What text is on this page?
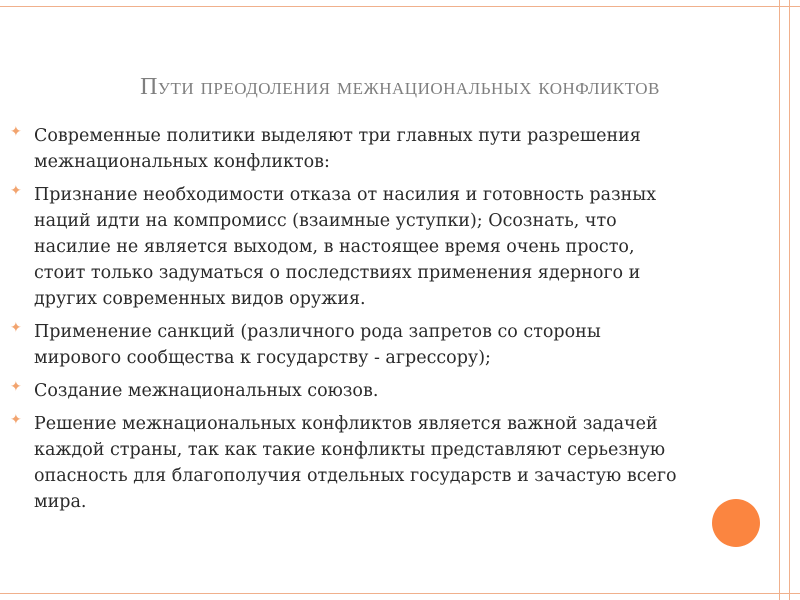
Пути преодоления межнациональных конфликтов
✦ Современные политики выделяют три главных пути разрешения межнациональных конфликтов:
✦ Признание необходимости отказа от насилия и готовность разных наций идти на компромисс (взаимные уступки); Осознать, что насилие не является выходом, в настоящее время очень просто, стоит только задуматься о последствиях применения ядерного и других современных видов оружия.
✦ Применение санкций (различного рода запретов со стороны мирового сообщества к государству - агрессору);
✦ Создание межнациональных союзов.
✦ Решение межнациональных конфликтов является важной задачей каждой страны, так как такие конфликты представляют серьезную опасность для благополучия отдельных государств и зачастую всего мира.
